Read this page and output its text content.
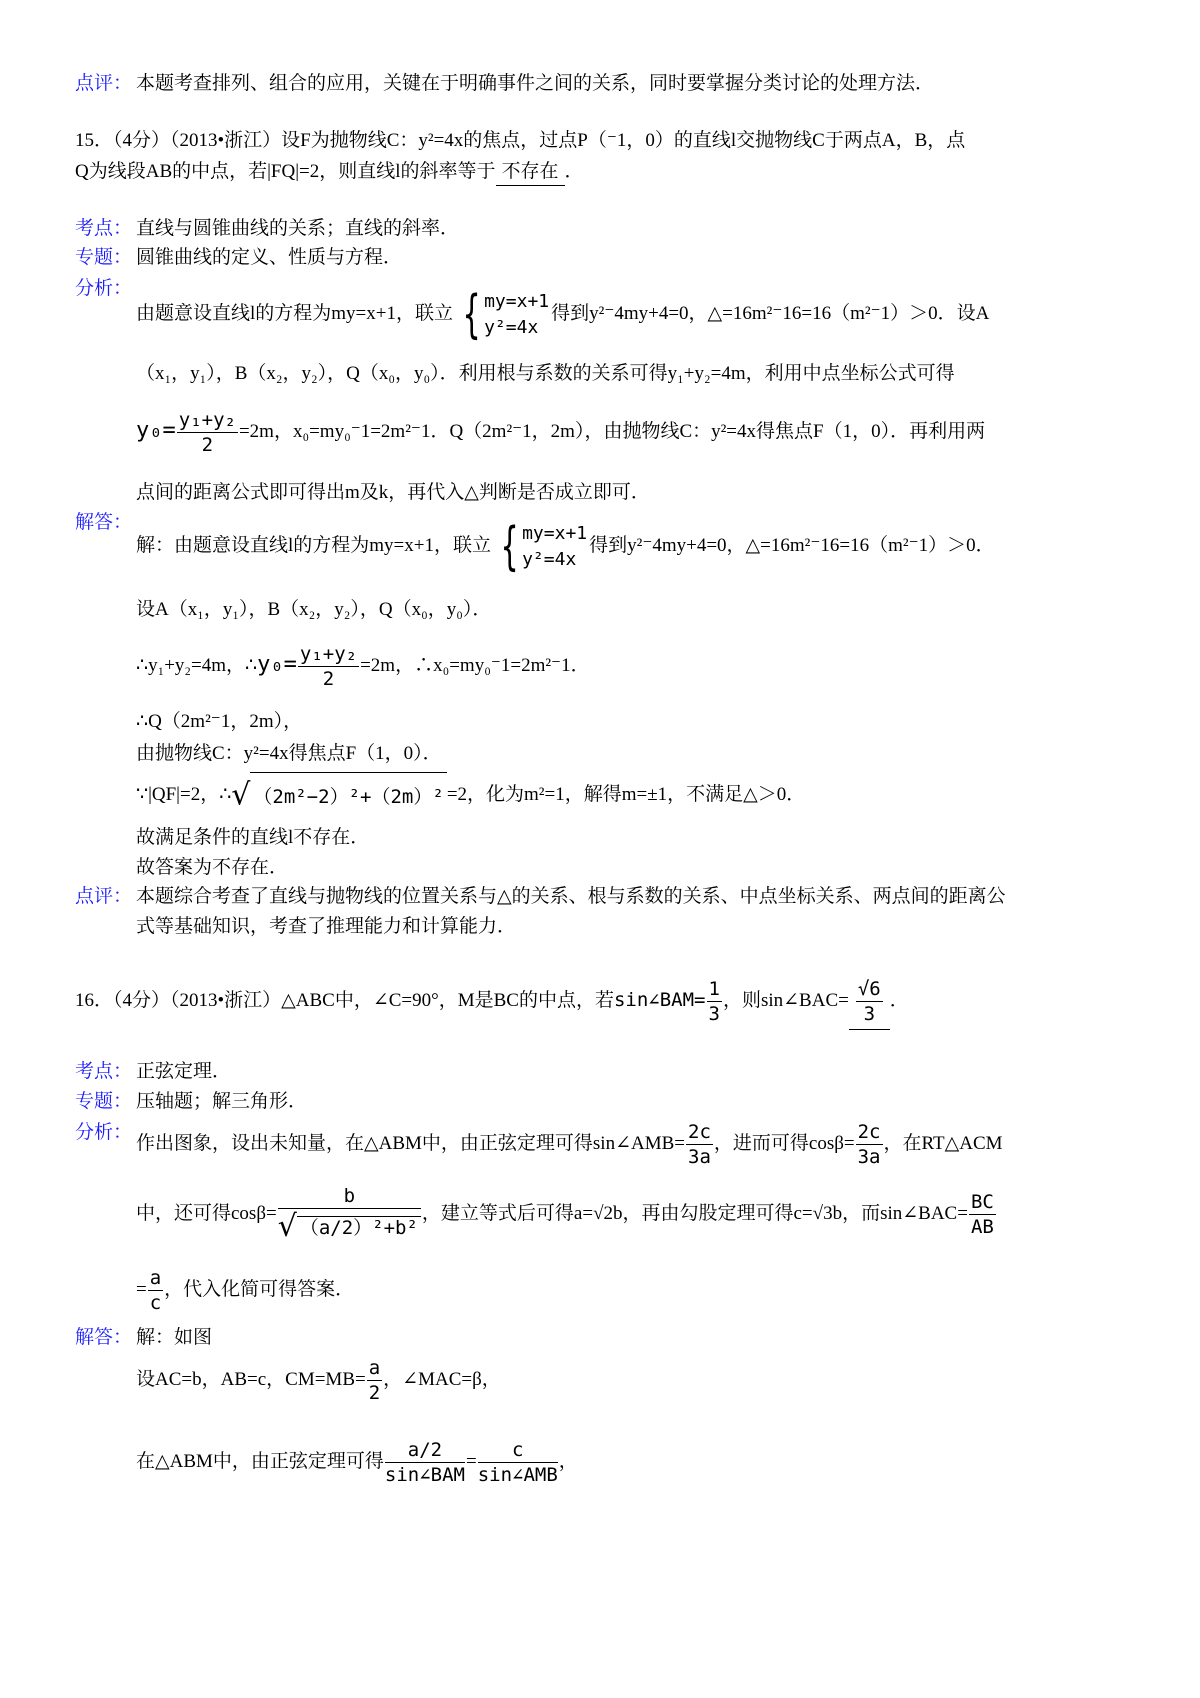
点评： 本题考查排列、组合的应用，关键在于明确事件之间的关系，同时要掌握分类讨论的处理方法．
15．（4分）（2013•浙江）设F为抛物线C：y²=4x的焦点，过点P（⁻1，0）的直线l交抛物线C于两点A，B，点
Q为线段AB的中点，若|FQ|=2，则直线l的斜率等于 不存在 ．
考点： 直线与圆锥曲线的关系；直线的斜率．
专题： 圆锥曲线的定义、性质与方程．
分析：
由题意设直线l的方程为my=x+1，联立 { my=x+1
y²=4x
得到y²⁻4my+4=0，△=16m²⁻16=16（m²⁻1）＞0．设A
（x₁，y₁），B（x₂，y₂），Q（x₀，y₀）．利用根与系数的关系可得y₁+y₂=4m，利用中点坐标公式可得
$y_0= \frac{\text{y₁+y₂}}{2} =2m$，x₀=my₀⁻1=2m²⁻1．Q（2m²⁻1，2m），由抛物线C：y²=4x得焦点F（1，0）．再利用两
点间的距离公式即可得出m及k，再代入△判断是否成立即可．
解答：
解：由题意设直线l的方程为my=x+1，联立 { my=x+1
y²=4x
得到y²⁻4my+4=0，△=16m²⁻16=16（m²⁻1）＞0．
设A（x₁，y₁），B（x₂，y₂），Q（x₀，y₀）．
∴y₁+y₂=4m，∴y₀= $\frac{\text{y₁+y₂}}{2} =2m$，∴x₀=my₀⁻1=2m²⁻1．
∴Q（2m²⁻1，2m），
由抛物线C：y²=4x得焦点F（1，0）．
∵|QF|=2，∴√ （2m²−2）²+（2m）² =2，化为m²=1，解得m=±1，不满足△＞0．
故满足条件的直线l不存在．
故答案为不存在．
点评： 本题综合考查了直线与抛物线的位置关系与△的关系、根与系数的关系、中点坐标关系、两点间的距离公
式等基础知识，考查了推理能力和计算能力．
16．（4分）（2013•浙江）△ABC中，∠C=90°，M是BC的中点，若sin∠BAM= $\frac{1}{3}$ ，则sin∠BAC= $\frac{√6}{3}$ ．
考点： 正弦定理．
专题： 压轴题；解三角形．
分析：
作出图象，设出未知量，在△ABM中，由正弦定理可得sin∠AMB= $\frac{2c}{3a}$ ，进而可得$\cos\beta= \frac{2c}{3a}$ ，在RT△ACM
中，还可得$\cos\beta= \frac{b}{\text{√ （a/2）²+b²}}$ ，建立等式后可得a=√2b，再由勾股定理可得c=√3b，而sin∠BAC= $\frac{BC}{AB}$
= $\frac{a}{c}$ ，代入化简可得答案．
解答： 解：如图
设AC=b，AB=c，$CM=MB= \frac{a}{2}$ ，∠MAC=β，
在△ABM中，由正弦定理可得 $\frac{a/2}{\text{sin∠BAM}} = \frac{c}{\text{sin∠AMB}}$ ，
